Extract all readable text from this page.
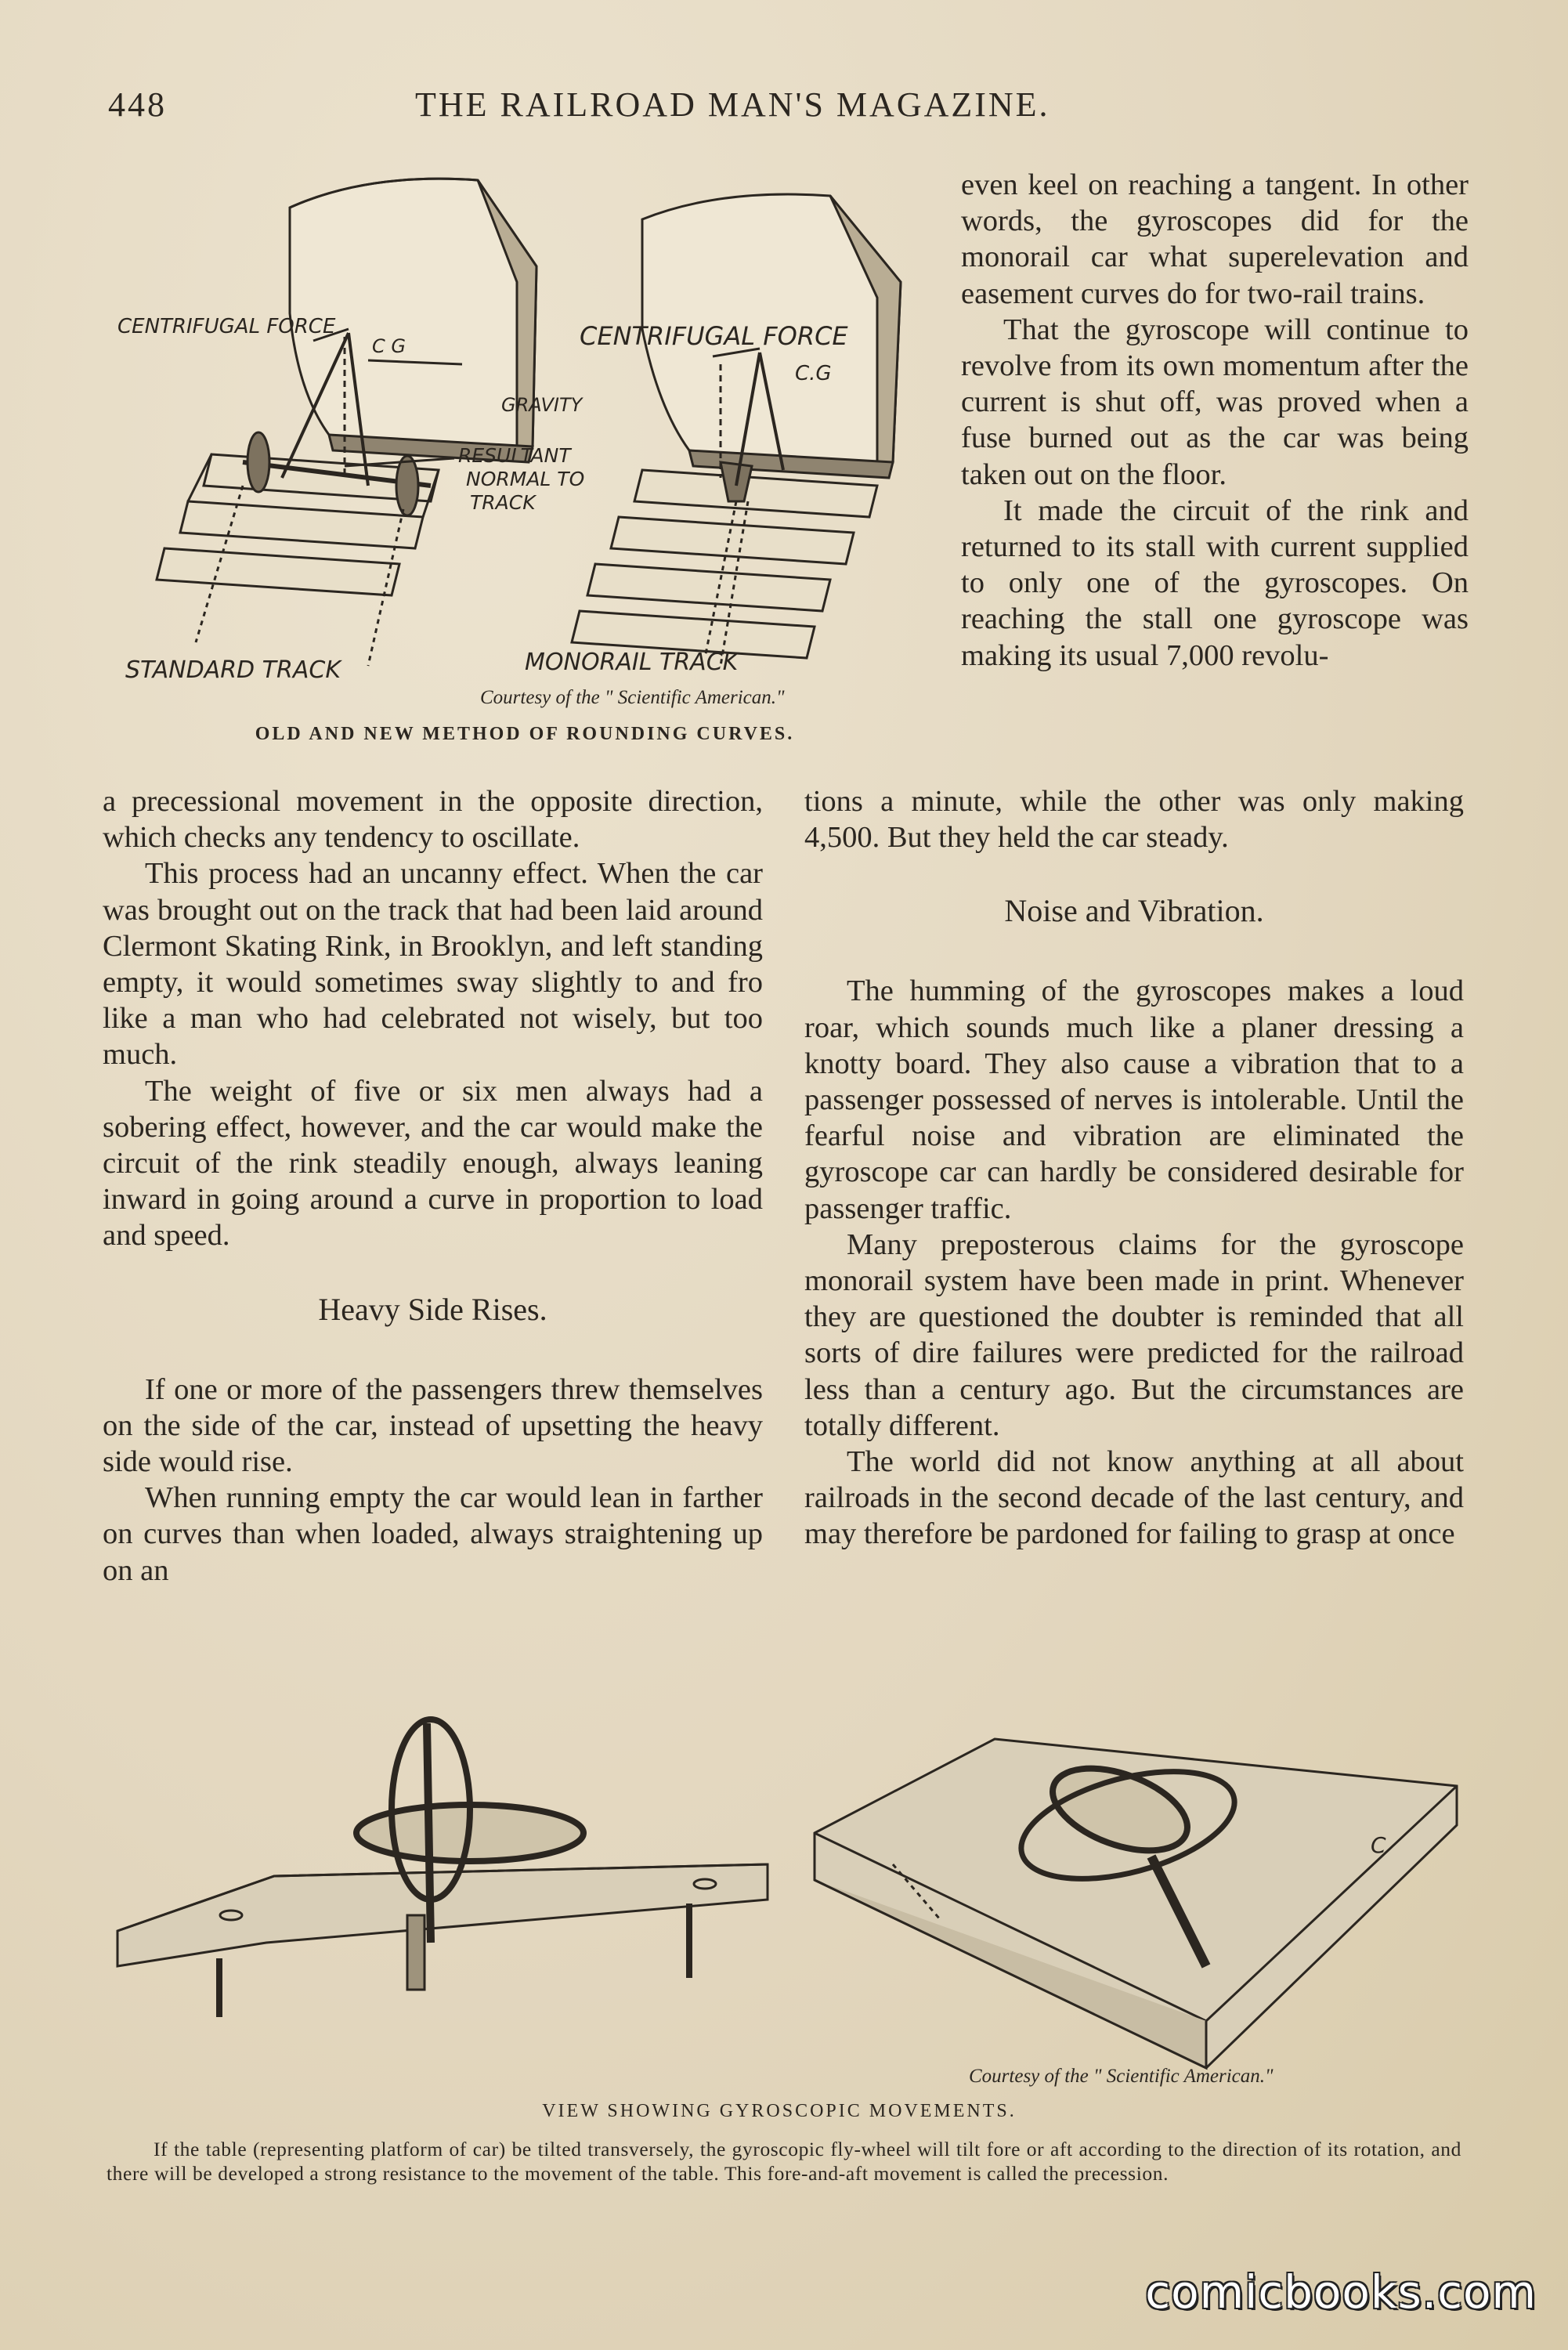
448	THE RAILROAD MAN'S MAGAZINE.
CENTRIFUGAL FORCE
C G	CENTRIFUGAL FORCE
C.G
GRAVITY
RESULTANT
NORMAL TO
TRACK
STANDARD TRACK	MONORAIL TRACK
Courtesy of the " Scientific American."
OLD AND NEW METHOD OF ROUNDING CURVES.

even keel on reaching a tangent. In other words, the gyroscopes did for the monorail car what superelevation and easement curves do for two-rail trains.

That the gyroscope will continue to revolve from its own momentum after the current is shut off, was proved when a fuse burned out as the car was being taken out on the floor.

It made the circuit of the rink and returned to its stall with current supplied to only one of the gyroscopes. On reaching the stall one gyroscope was making its usual 7,000 revolu-

a precessional movement in the opposite direction, which checks any tendency to oscillate.

This process had an uncanny effect. When the car was brought out on the track that had been laid around Clermont Skating Rink, in Brooklyn, and left standing empty, it would sometimes sway slightly to and fro like a man who had celebrated not wisely, but too much.

The weight of five or six men always had a sobering effect, however, and the car would make the circuit of the rink steadily enough, always leaning inward in going around a curve in proportion to load and speed.

Heavy Side Rises.

If one or more of the passengers threw themselves on the side of the car, instead of upsetting the heavy side would rise.

When running empty the car would lean in farther on curves than when loaded, always straightening up on an

tions a minute, while the other was only making 4,500. But they held the car steady.

Noise and Vibration.

The humming of the gyroscopes makes a loud roar, which sounds much like a planer dressing a knotty board. They also cause a vibration that to a passenger possessed of nerves is intolerable. Until the fearful noise and vibration are eliminated the gyroscope car can hardly be considered desirable for passenger traffic.

Many preposterous claims for the gyroscope monorail system have been made in print. Whenever they are questioned the doubter is reminded that all sorts of dire failures were predicted for the railroad less than a century ago. But the circumstances are totally different.

The world did not know anything at all about railroads in the second decade of the last century, and may therefore be pardoned for failing to grasp at once

C
Courtesy of the " Scientific American."
VIEW SHOWING GYROSCOPIC MOVEMENTS.
If the table (representing platform of car) be tilted transversely, the gyroscopic fly-wheel will tilt fore or aft according to the direction of its rotation, and there will be developed a strong resistance to the movement of the table. This fore-and-aft movement is called the precession.
comicbooks.com
